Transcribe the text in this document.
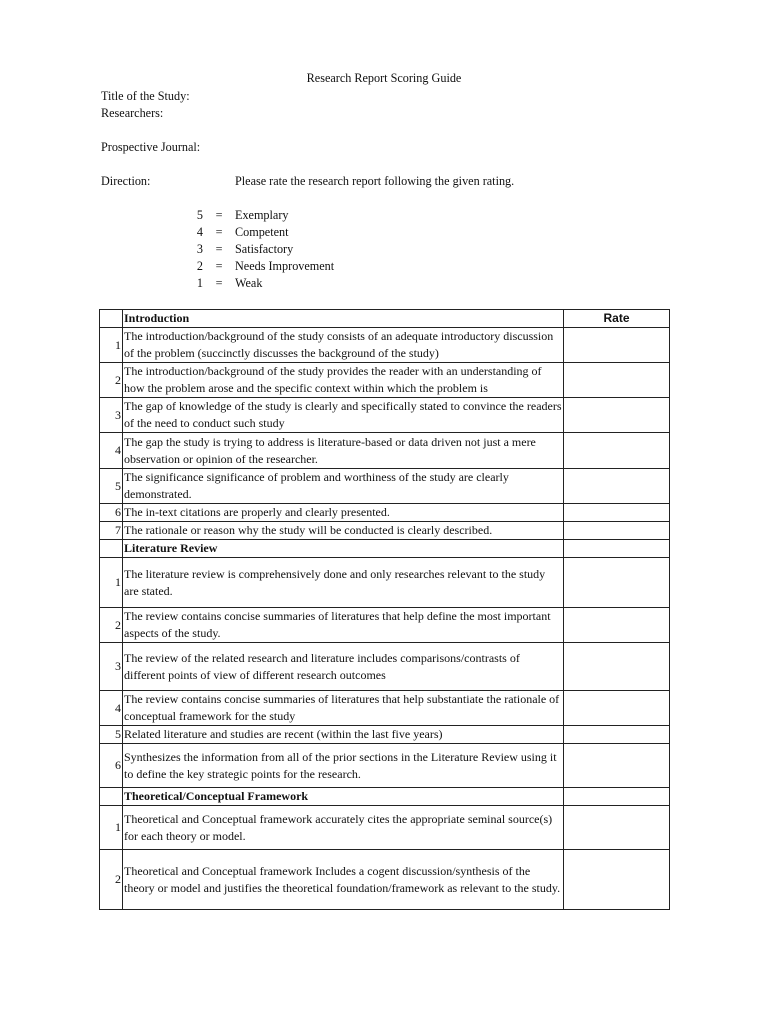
Research Report Scoring Guide
Title of the Study:
Researchers:
Prospective Journal:
Direction:	Please rate the research report following the given rating.
5 = Exemplary
4 = Competent
3 = Satisfactory
2 = Needs Improvement
1 = Weak
	Introduction	Rate
1	The introduction/background of the study consists of an adequate introductory discussion of the problem (succinctly discusses the background of the study)	
2	The introduction/background of the study provides the reader with an understanding of how the problem arose and the specific context within which the problem is	
3	The gap of knowledge of the study is clearly and specifically stated to convince the readers of the need to conduct such study	
4	The gap the study is trying to address is literature-based or data driven not just a mere observation or opinion of the researcher.	
5	The significance significance of problem and worthiness of the study are clearly demonstrated.	
6	The in-text citations are properly and clearly presented.	
7	The rationale or reason why the study will be conducted is clearly described.	
	Literature Review	
1	The literature review is comprehensively done and only researches relevant to the study are stated.	
2	The review contains concise summaries of literatures that help define the most important aspects of the study.	
3	The review of the related research and literature includes comparisons/contrasts of different points of view of different research outcomes	
4	The review contains concise summaries of literatures that help substantiate the rationale of conceptual framework for the study	
5	Related literature and studies are recent (within the last five years)	
6	Synthesizes the information from all of the prior sections in the Literature Review using it to define the key strategic points for the research.	
	Theoretical/Conceptual Framework	
1	Theoretical and Conceptual framework accurately cites the appropriate seminal source(s) for each theory or model.	
2	Theoretical and Conceptual framework Includes a cogent discussion/synthesis of the theory or model and justifies the theoretical foundation/framework as relevant to the study.	
